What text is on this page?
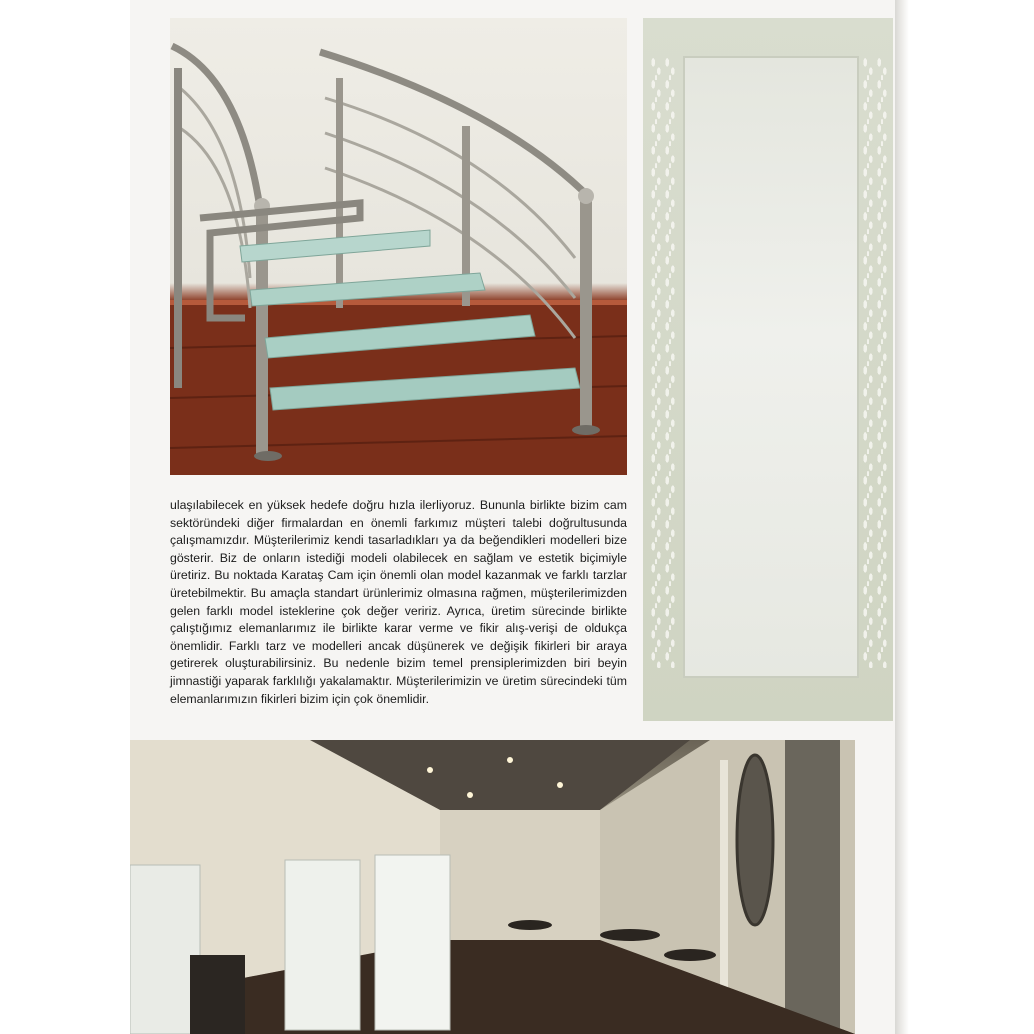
ulaşılabilecek en yüksek hedefe doğru hızla ilerliyoruz. Bununla birlikte bizim cam sektöründeki diğer firmalardan en önemli farkımız müşteri talebi doğrultusunda çalışmamızdır. Müşterilerimiz kendi tasarladıkları ya da beğendikleri modelleri bize gösterir. Biz de onların istediği modeli olabilecek en sağlam ve estetik biçimiyle üretiriz. Bu noktada Karataş Cam için önemli olan model kazanmak ve farklı tarzlar üretebilmektir. Bu amaçla standart ürünlerimiz olmasına rağmen, müşterilerimizden gelen farklı model isteklerine çok değer veririz. Ayrıca, üretim sürecinde birlikte çalıştığımız elemanlarımız ile birlikte karar verme ve fikir alış-verişi de oldukça önemlidir. Farklı tarz ve modelleri ancak düşünerek ve değişik fikirleri bir araya getirerek oluşturabilirsiniz. Bu nedenle bizim temel prensiplerimizden biri beyin jimnastiği yaparak farklılığı yakalamaktır. Müşterilerimizin ve üretim sürecindeki tüm elemanlarımızın fikirleri bizim için çok önemlidir.
